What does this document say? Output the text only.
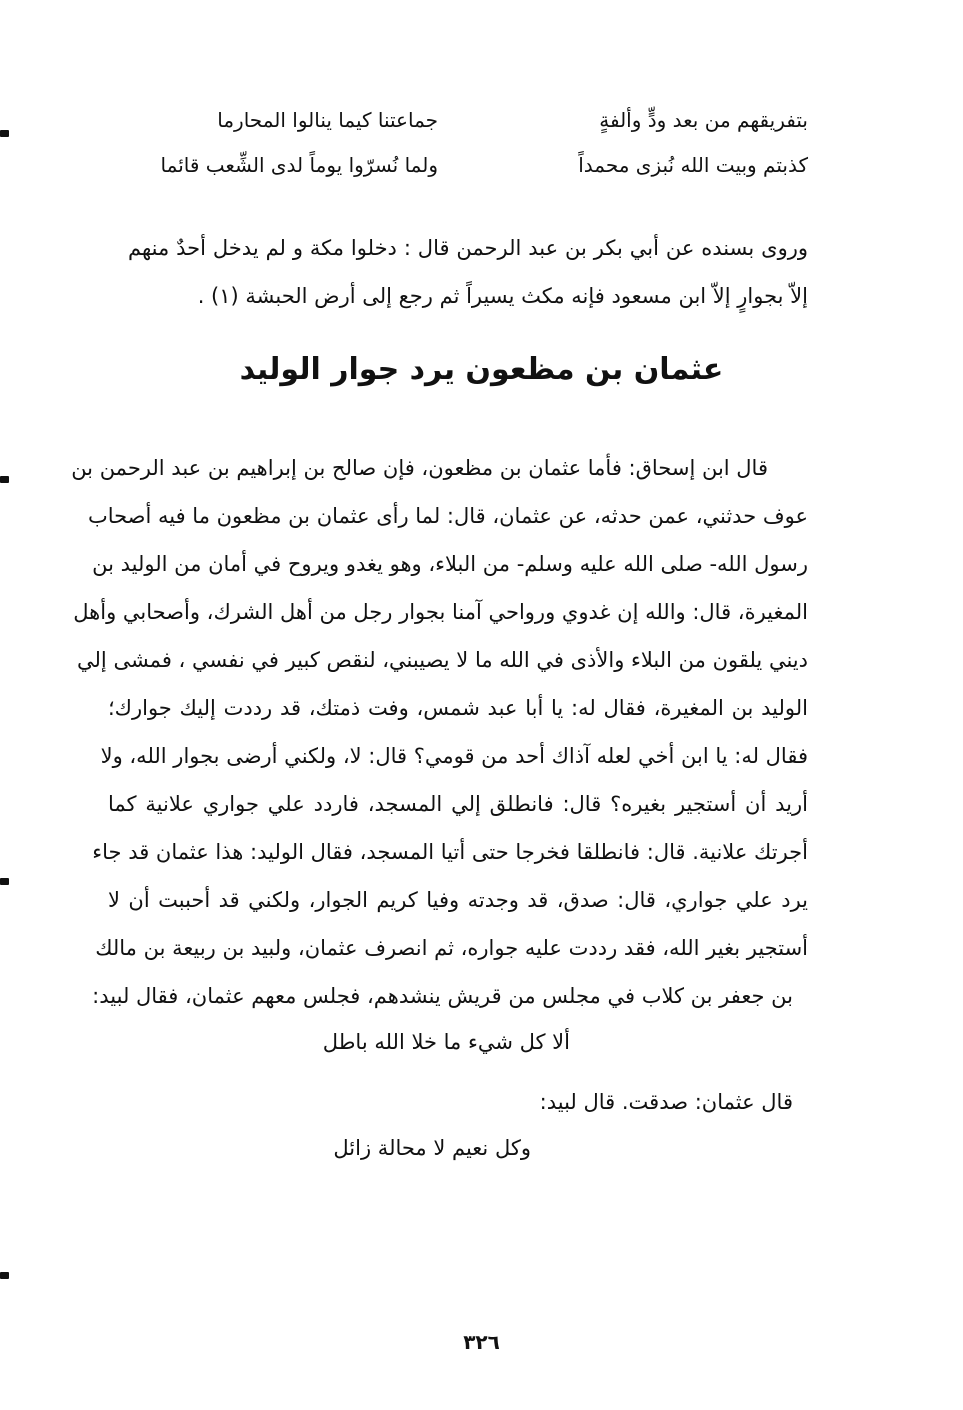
بتفريقهم من بعد ودٍّ وألفةٍ
جماعتنا كيما ينالوا المحارما
كذبتم وبيت الله نُبزى محمداً
ولما نُسرّوا يوماً لدى الشِّعب قائما
وروى بسنده عن أبي بكر بن عبد الرحمن قال : دخلوا مكة و لم يدخل أحدٌ منهم
إلاّ بجوارٍ إلاّ ابن مسعود فإنه مكث يسيراً ثم رجع إلى أرض الحبشة (١) .
عثمان بن مظعون يرد جوار الوليد
قال ابن إسحاق: فأما عثمان بن مظعون، فإن صالح بن إبراهيم بن عبد الرحمن بن
عوف حدثني، عمن حدثه، عن عثمان، قال: لما رأى عثمان بن مظعون ما فيه أصحاب
رسول الله- صلى الله عليه وسلم- من البلاء، وهو يغدو ويروح في أمان من الوليد بن
المغيرة، قال: والله إن غدوي ورواحي آمنا بجوار رجل من أهل الشرك، وأصحابي وأهل
ديني يلقون من البلاء والأذى في الله ما لا يصيبني، لنقص كبير في نفسي ، فمشى إلي
الوليد بن المغيرة، فقال له: يا أبا عبد شمس، وفت ذمتك، قد رددت إليك جوارك؛
فقال له: يا ابن أخي لعله آذاك أحد من قومي؟ قال: لا، ولكني أرضى بجوار الله، ولا
أريد أن أستجير بغيره؟ قال: فانطلق إلي المسجد، فاردد علي جواري علانية كما
أجرتك علانية. قال: فانطلقا فخرجا حتى أتيا المسجد، فقال الوليد: هذا عثمان قد جاء
يرد علي جواري، قال: صدق، قد وجدته وفيا كريم الجوار، ولكني قد أحببت أن لا
أستجير بغير الله، فقد رددت عليه جواره، ثم انصرف عثمان، ولبيد بن ربيعة بن مالك
بن جعفر بن كلاب في مجلس من قريش ينشدهم، فجلس معهم عثمان، فقال لبيد:
ألا كل شيء ما خلا الله باطل
قال عثمان: صدقت. قال لبيد:
وكل نعيم لا محالة زائل
٣٢٦
